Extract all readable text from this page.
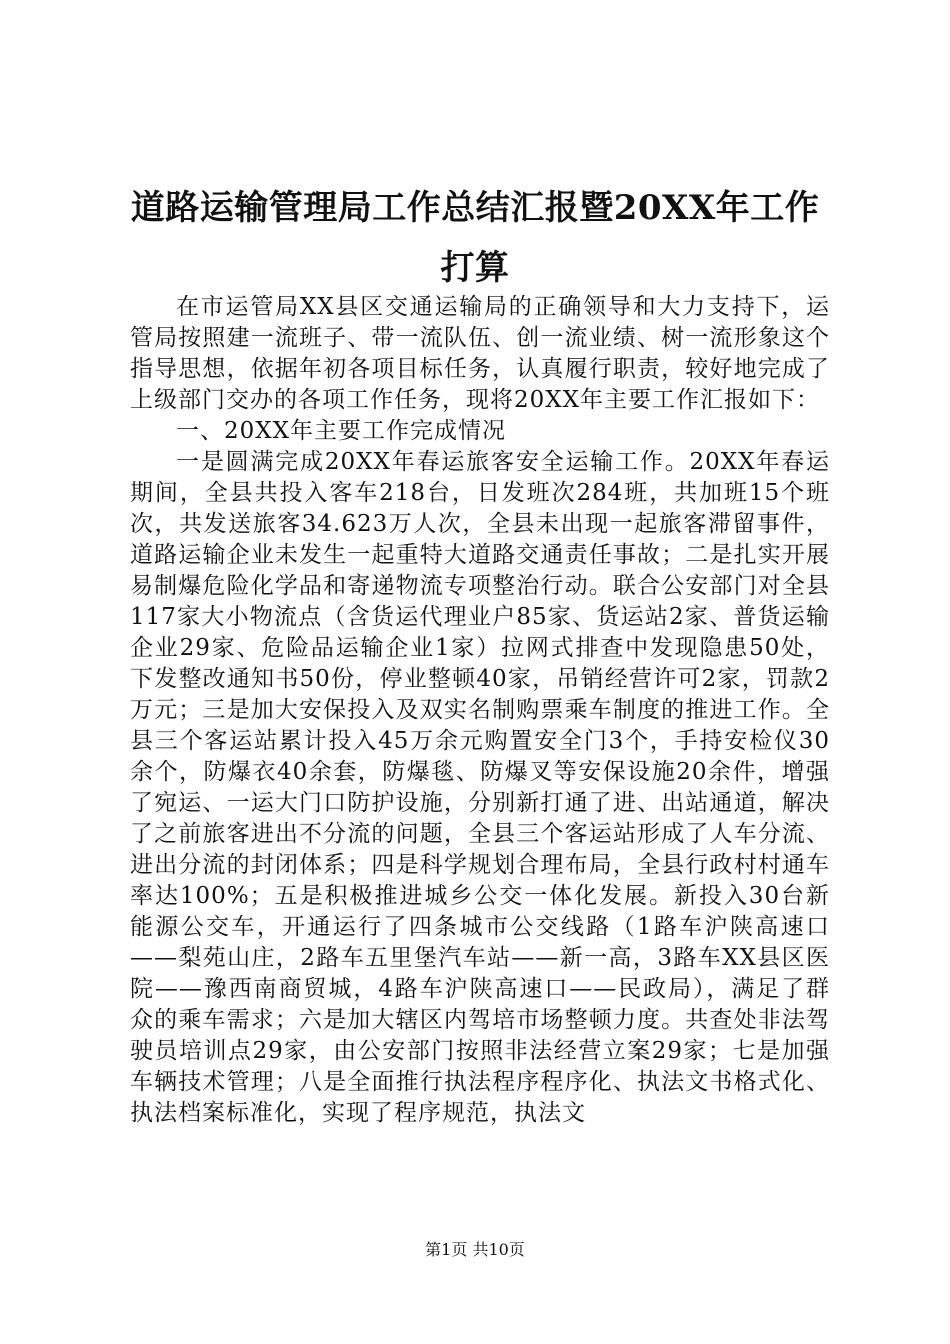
道路运输管理局工作总结汇报暨20XX年工作打算

在市运管局XX县区交通运输局的正确领导和大力支持下，运管局按照建一流班子、带一流队伍、创一流业绩、树一流形象这个指导思想，依据年初各项目标任务，认真履行职责，较好地完成了上级部门交办的各项工作任务，现将20XX年主要工作汇报如下：

一、20XX年主要工作完成情况

一是圆满完成20XX年春运旅客安全运输工作。20XX年春运期间，全县共投入客车218台，日发班次284班，共加班15个班次，共发送旅客34.623万人次，全县未出现一起旅客滞留事件，道路运输企业未发生一起重特大道路交通责任事故；二是扎实开展易制爆危险化学品和寄递物流专项整治行动。联合公安部门对全县117家大小物流点（含货运代理业户85家、货运站2家、普货运输企业29家、危险品运输企业1家）拉网式排查中发现隐患50处，下发整改通知书50份，停业整顿40家，吊销经营许可2家，罚款2万元；三是加大安保投入及双实名制购票乘车制度的推进工作。全县三个客运站累计投入45万余元购置安全门3个，手持安检仪30余个，防爆衣40余套，防爆毯、防爆叉等安保设施20余件，增强了宛运、一运大门口防护设施，分别新打通了进、出站通道，解决了之前旅客进出不分流的问题，全县三个客运站形成了人车分流、进出分流的封闭体系；四是科学规划合理布局，全县行政村村通车率达100%；五是积极推进城乡公交一体化发展。新投入30台新能源公交车，开通运行了四条城市公交线路（1路车沪陕高速口——梨苑山庄，2路车五里堡汽车站——新一高，3路车XX县区医院——豫西南商贸城，4路车沪陕高速口——民政局），满足了群众的乘车需求；六是加大辖区内驾培市场整顿力度。共查处非法驾驶员培训点29家，由公安部门按照非法经营立案29家；七是加强车辆技术管理；八是全面推行执法程序程序化、执法文书格式化、执法档案标准化，实现了程序规范，执法文

第1页 共10页
